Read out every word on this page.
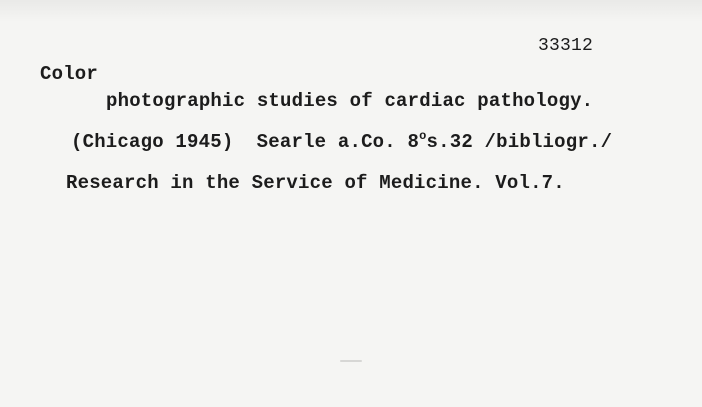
33312
Color
photographic studies of cardiac pathology.
(Chicago 1945) Searle a.Co. 8$^o$s.32 /bibliogr./
Research in the Service of Medicine. Vol.7.
